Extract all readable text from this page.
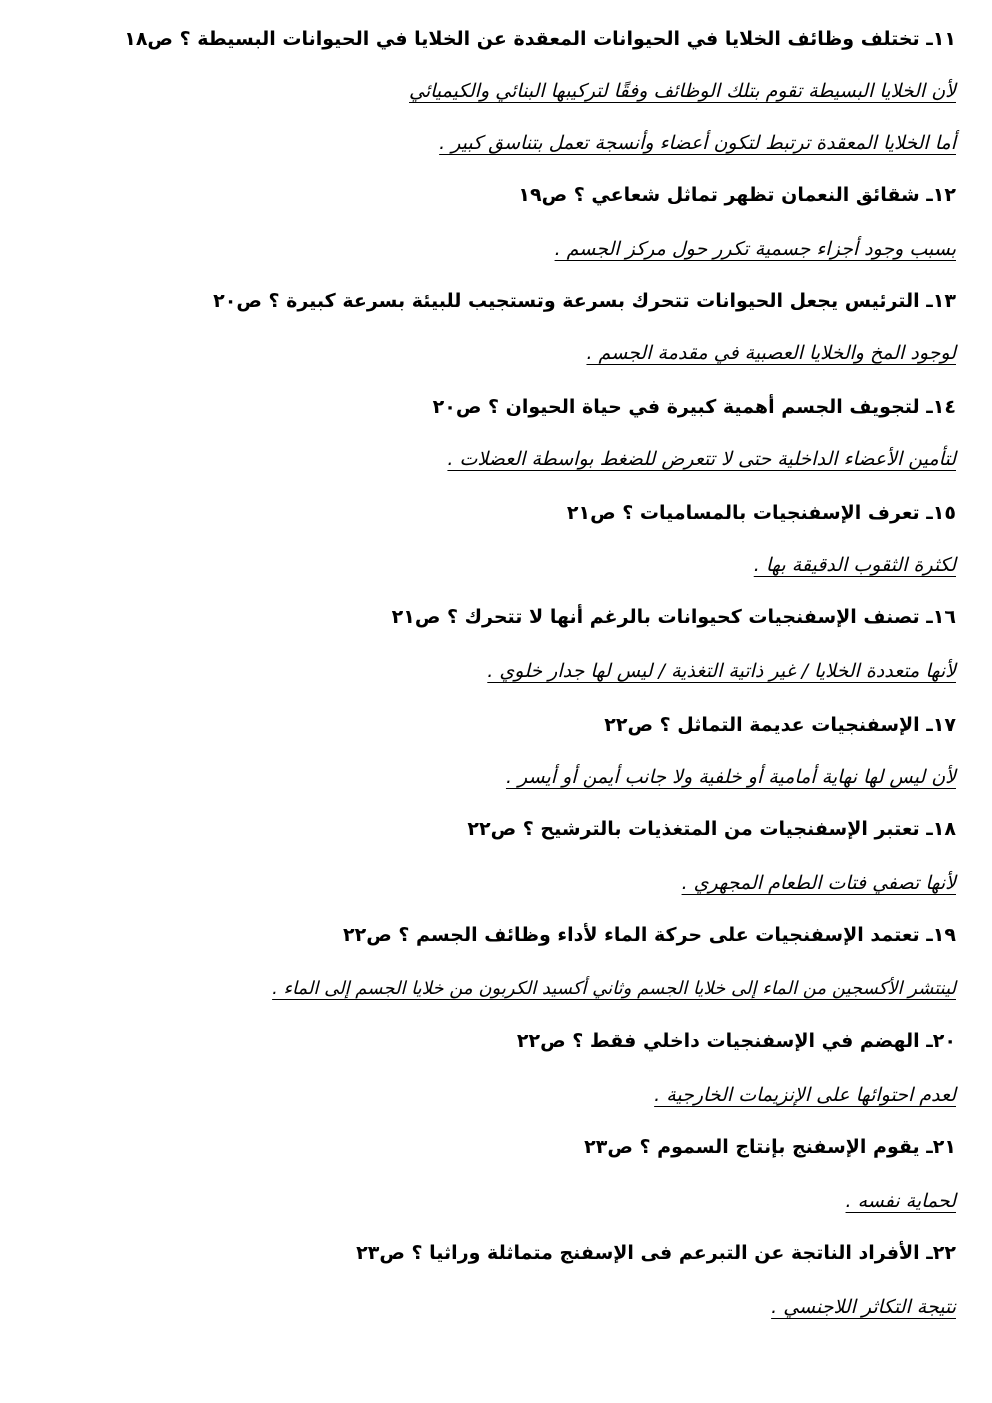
١١ـ تختلف وظائف الخلايا في الحيوانات المعقدة عن الخلايا في الحيوانات البسيطة ؟ ص١٨
لأن الخلايا البسيطة تقوم بتلك الوظائف وفقًا لتركيبها البنائي والكيميائي
أما الخلايا المعقدة ترتبط لتكون أعضاء وأنسجة تعمل بتناسق كبير .
١٢ـ شقائق النعمان تظهر تماثل شعاعي ؟ ص١٩
بسبب وجود أجزاء جسمية تكرر حول مركز الجسم .
١٣ـ الترئيس يجعل الحيوانات تتحرك بسرعة وتستجيب للبيئة بسرعة كبيرة ؟ ص٢٠
لوجود المخ والخلايا العصبية في مقدمة الجسم .
١٤ـ لتجويف الجسم أهمية كبيرة في حياة الحيوان ؟ ص٢٠
لتأمين الأعضاء الداخلية حتى لا تتعرض للضغط بواسطة العضلات .
١٥ـ تعرف الإسفنجيات بالمساميات ؟ ص٢١
لكثرة الثقوب الدقيقة بها .
١٦ـ تصنف الإسفنجيات كحيوانات بالرغم أنها لا تتحرك ؟ ص٢١
لأنها متعددة الخلايا / غير ذاتية التغذية / ليس لها جدار خلوي .
١٧ـ الإسفنجيات عديمة التماثل ؟ ص٢٢
لأن ليس لها نهاية أمامية أو خلفية ولا جانب أيمن أو أيسر .
١٨ـ تعتبر الإسفنجيات من المتغذيات بالترشيح ؟ ص٢٢
لأنها تصفي فتات الطعام المجهري .
١٩ـ تعتمد الإسفنجيات على حركة الماء لأداء وظائف الجسم ؟ ص٢٢
لينتشر الأكسجين من الماء إلى خلايا الجسم وثاني أكسيد الكربون من خلايا الجسم إلى الماء .
٢٠ـ الهضم في الإسفنجيات داخلي فقط ؟ ص٢٢
لعدم احتوائها على الإنزيمات الخارجية .
٢١ـ يقوم الإسفنج بإنتاج السموم ؟ ص٢٣
لحماية نفسه .
٢٢ـ الأفراد الناتجة عن التبرعم فى الإسفنج متماثلة وراثيا ؟ ص٢٣
نتيجة التكاثر اللاجنسي .
